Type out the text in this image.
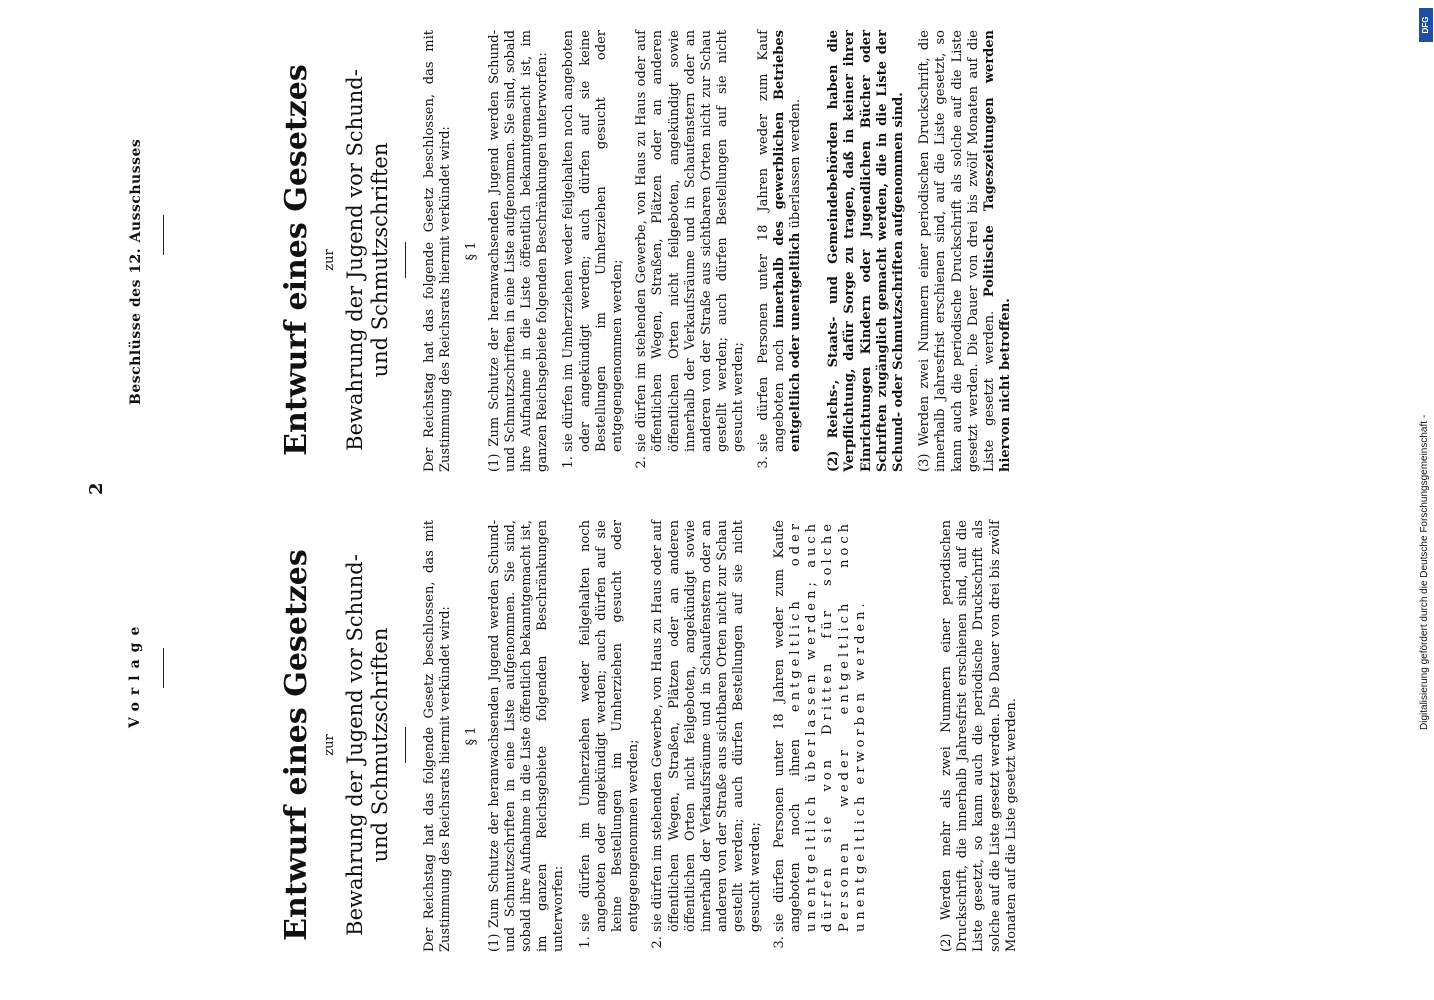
2
Vorlage	Entwurf eines Gesetzes zur Bewahrung der Jugend vor Schund- und Schmutzschriften Der Reichstag hat das folgende Gesetz beschlossen, das mit Zustimmung des Reichsrats hiermit verkündet wird: § 1 (1) Zum Schutze der heranwachsenden Jugend werden Schund- und Schmutzschriften in eine Liste aufgenommen. Sie sind, sobald ihre Aufnahme in die Liste öffentlich bekanntgemacht ist, im ganzen Reichsgebiete folgenden Beschränkungen unterworfen: 1. sie dürfen im Umherziehen weder feilgehalten noch angeboten oder angekündigt werden; auch dürfen auf sie keine Bestellungen im Umherziehen gesucht oder entgegengenommen werden; 2. sie dürfen im stehenden Gewerbe, von Haus zu Haus oder auf öffentlichen Wegen, Straßen, Plätzen oder an anderen öffentlichen Orten nicht feilgeboten, angekündigt sowie innerhalb der Verkaufsräume und in Schaufenstern oder an anderen von der Straße aus sichtbaren Orten nicht zur Schau gestellt werden; auch dürfen Bestellungen auf sie nicht gesucht werden; 3. sie dürfen Personen unter 18 Jahren weder zum Kaufe angeboten noch ihnen entgeltlich oder unentgeltlich überlassen werden; auch dürfen sie von Dritten für solche Personen weder entgeltlich noch unentgeltlich erworben werden.	(2) Werden mehr als zwei Nummern einer periodischen Druckschrift, die innerhalb Jahresfrist erschienen sind, auf die Liste gesetzt, so kann auch die periodische Druckschrift als solche auf die Liste gesetzt werden. Die Dauer von drei bis zwölf Monaten auf die Liste gesetzt werden.

Beschlüsse des 12. Ausschusses	Entwurf eines Gesetzes zur Bewahrung der Jugend vor Schund- und Schmutzschriften Der Reichstag hat das folgende Gesetz beschlossen, das mit Zustimmung des Reichsrats hiermit verkündet wird: § 1 (1) Zum Schutze der heranwachsenden Jugend werden Schund- und Schmutzschriften in eine Liste aufgenommen. Sie sind, sobald ihre Aufnahme in die Liste öffentlich bekanntgemacht ist, im ganzen Reichsgebiete folgenden Beschränkungen unterworfen: 1. sie dürfen im Umherziehen weder feilgehalten noch angeboten oder angekündigt werden; auch dürfen auf sie keine Bestellungen im Umherziehen gesucht oder entgegengenommen werden; 2. sie dürfen im stehenden Gewerbe, von Haus zu Haus oder auf öffentlichen Wegen, Straßen, Plätzen oder an anderen öffentlichen Orten nicht feilgeboten, angekündigt sowie innerhalb der Verkaufsräume und in Schaufenstern oder an anderen von der Straße aus sichtbaren Orten nicht zur Schau gestellt werden; auch dürfen Bestellungen auf sie nicht gesucht werden; 3. sie dürfen Personen unter 18 Jahren weder zum Kauf angeboten noch innerhalb des gewerblichen Betriebes entgeltlich oder unentgeltlich überlassen werden. (2) Reichs-, Staats- und Gemeindebehörden haben die Verpflichtung, dafür Sorge zu tragen, daß in keiner ihrer Einrichtungen Kindern oder Jugendlichen Bücher oder Schriften zugänglich gemacht werden, die in die Liste der Schund- oder Schmutzschriften aufgenommen sind. (3) Werden zwei Nummern einer periodischen Druckschrift, die innerhalb Jahresfrist erschienen sind, auf die Liste gesetzt, so kann auch die periodische Druckschrift als solche auf die Liste gesetzt werden. Die Dauer von drei bis zwölf Monaten auf die Liste gesetzt werden. Politische Tageszeitungen werden hiervon nicht betroffen.

DFG
Digitalisierung gefördert durch die Deutsche Forschungsgemeinschaft -
